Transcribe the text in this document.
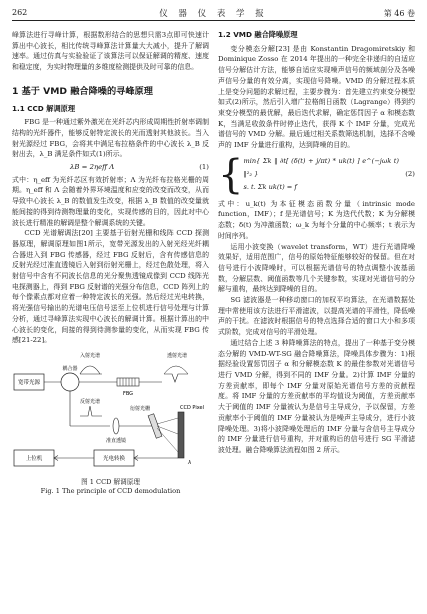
262	仪 器 仪 表 学 报	第 46 卷

峰算法进行寻峰计算，根据数形结合的思想只需3点即可快速计算出中心波长，相比传统寻峰算法计算量大大减小，提升了解调速率。通过仿真与实验验证了该算法可以保证解调的精度、速度和稳定度，为实时物理量的多维度检测提供及时可靠的信息。

1 基于 VMD 融合降噪的寻峰原理
1.1 CCD 解调原理

FBG 是一种通过紫外激光在光纤芯内形成周期性折射率调制结构的光纤器件，能够反射特定波长的光而透射其他波长。当入射光源经过 FBG，会将其中满足布拉格条件的中心波长 λ_B 反射出去，λ_B 满足条件如式(1)所示。

λB = 2ηeff Λ	(1)

式中：η_eff 为光纤芯区有效折射率；Λ 为光纤布拉格光栅的周期。η_eff 和 Λ 会随着外界环境温度和应变的改变而改变，从而导致中心波长 λ_B 的数值发生改变，根据 λ_B 数值的改变量就能间接的得到待测物理量的变化，实现传感的目的，因此对中心波长进行精准的解调是整个解调系统的关键。

CCD 光谱解调法[20] 主要基于衍射光栅和线阵 CCD 探测器原理，解调原理如图1所示，宽带光源发出的入射光经光纤耦合器进入到 FBG 传感器，经过 FBG 反射后，含有传感信息的反射光经过准直透镜后入射到衍射光栅上，经过色散处理，将入射信号中含有不同波长信息的光分聚焦透镜成像到 CCD 线阵光电探测器上，得到 FBG 反射谱的光强分布信息，CCD 阵列上的每个像素点都对应着一种特定波长的光强。然后经过光电转换，将光强信号输出的光谱电压信号送至上位机进行信号处理与计算分析，通过寻峰算法实现中心波长的解调计算。根据计算出的中心波长的变化，间接的得到待测参量的变化，从而实现 FBG 传感[21-22]。

宽带光源
耦合器
入射光谱
FBG
透射光谱
反射光谱
准直透镜
衍射光栅	CCD Pixel
λ
上位机	光电转换
图 1 CCD 解调原理
Fig. 1 The principle of CCD demodulation
1.2 VMD 融合降噪原理

变分模态分解[23] 是由 Konstantin Dragomiretskiy 和 Dominique Zosso 在 2014 年提出的一种完全非递归的自适应信号分解估计方法，能够自适应实现噪声信号的频域剖分及各噪声信号分量的有效分离，实现信号降噪。VMD 的分解过程本质上是变分问题的求解过程，主要步骤为：首先建立约束变分模型如式(2)所示，然后引入增广拉格朗日函数（Lagrange）得到约束变分模型的最优解，最后迭代求解，确定惩罚因子 α 和模态数 K，当满足收敛条件时停止迭代，获得 K 个 IMF 分量，完成光谱信号的 VMD 分解。最后通过相关系数筛选机制，选择不含噪声的 IMF 分量进行重构，达到降噪的目的。

{ min{ Σk ‖ ∂t[ (δ(t) + j/πt) * uk(t) ] e^(−jωk t) ‖²₂ }
s. t. Σk uk(t) = f
(2)

式中：u_k(t) 为本征模态函数分量（intrinsic mode function，IMF）；f 是光谱信号；K 为迭代代数；K 为分解模态数；δ(t) 为冲激函数；ω_k 为每个分量的中心频率；t 表示为时间序列。

运用小波变换（wavelet transform，WT）进行光谱降噪效果好，适用范围广，信号的原始特征能够较好的保留。但在对信号进行小波降噪时，可以根据光谱信号的特点调整小波基函数，分解层数、阈值函数等几个关键参数，实现对光谱信号的分解与重构，最终达到降噪的目的。

SG 滤波器是一种移动窗口的加权平均算法，在光谱数据处理中常使用该方法进行平滑滤波，以提高光谱的平滑性，降低噪声的干扰。在滤波时根据信号的特点选择合适的窗口大小和多项式阶数，完成对信号的平滑处理。

通过结合上述 3 种降噪算法的特点，提出了一种基于变分模态分解的 VMD-WT-SG 融合降噪算法，降噪具体步骤为：1)根据经验设置惩罚因子 α 和分解模态数 K 的最佳参数对光谱信号进行 VMD 分解，得到不同的 IMF 分量。2)计算 IMF 分量的方差贡献率，即每个 IMF 分量对原始光谱信号方差的贡献程度。将 IMF 分量的方差贡献率的平均值设为阈值，方差贡献率大于阈值的 IMF 分量被认为是信号主导成分，予以保留，方差贡献率小于阈值的 IMF 分量被认为是噪声主导成分，进行小波降噪处理。3)将小波降噪处理后的 IMF 分量与含信号主导成分的 IMF 分量进行信号重构，并对重构后的信号进行 SG 平滑滤波处理。融合降噪算法流程如图 2 所示。
